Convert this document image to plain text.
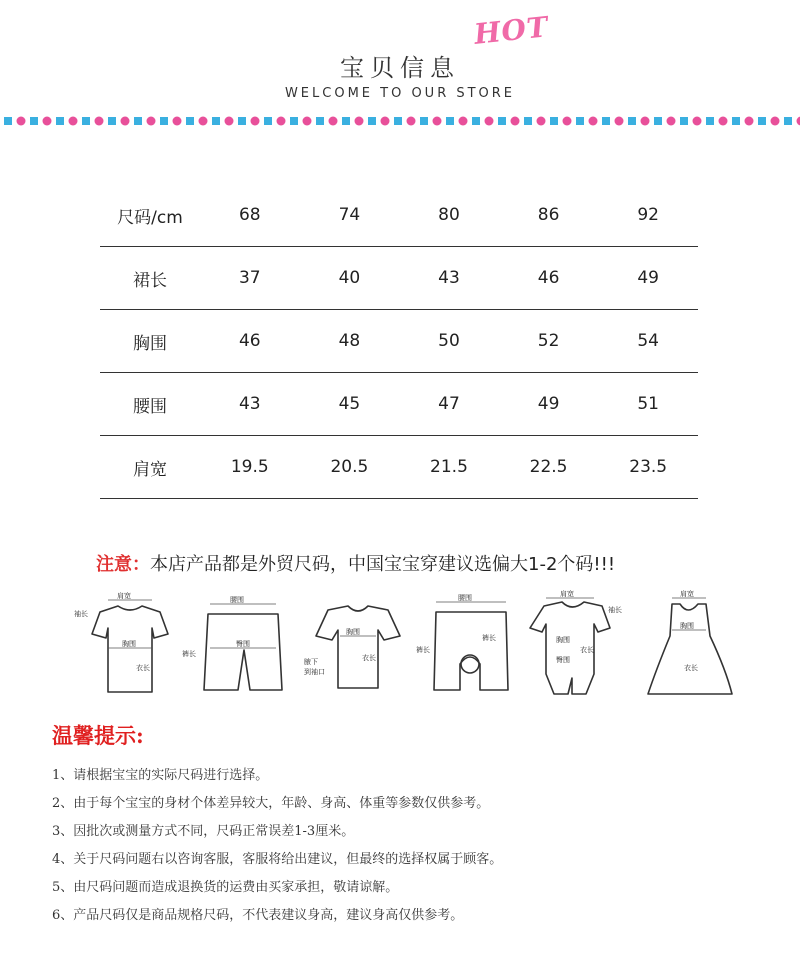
HOT
宝贝信息
WELCOME TO OUR STORE
尺码/cm	68	74	80	86	92
裙长	37	40	43	46	49
胸围	46	48	50	52	54
腰围	43	45	47	49	51
肩宽	19.5	20.5	21.5	22.5	23.5
注意：本店产品都是外贸尺码，中国宝宝穿建议选偏大1-2个码!!!
肩宽
袖长
胸围
衣长
腰围
裤长
臀围
胸围
衣长
腋下
到袖口
腰围
裤长
裤长
肩宽
袖长
胸围
臀围
衣长
肩宽
胸围
衣长
温馨提示:
1、请根据宝宝的实际尺码进行选择。
2、由于每个宝宝的身材个体差异较大，年龄、身高、体重等参数仅供参考。
3、因批次或测量方式不同，尺码正常误差1-3厘米。
4、关于尺码问题右以咨询客服，客服将给出建议，但最终的选择权属于顾客。
5、由尺码问题而造成退换货的运费由买家承担，敬请谅解。
6、产品尺码仅是商品规格尺码，不代表建议身高，建议身高仅供参考。
